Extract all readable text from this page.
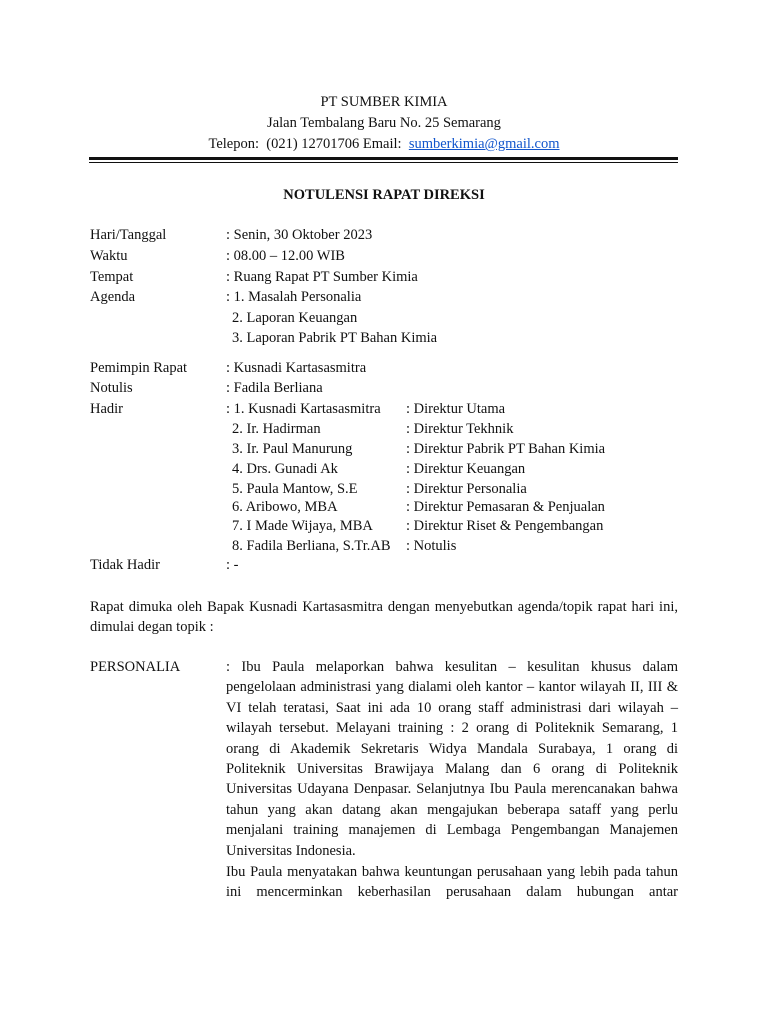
PT SUMBER KIMIA
Jalan Tembalang Baru No. 25 Semarang
Telepon:  (021) 12701706 Email:  sumberkimia@gmail.com
NOTULENSI RAPAT DIREKSI
Hari/Tanggal	: Senin, 30 Oktober 2023
Waktu	: 08.00 – 12.00 WIB
Tempat	: Ruang Rapat PT Sumber Kimia
Agenda	: 1. Masalah Personalia
2. Laporan Keuangan
3. Laporan Pabrik PT Bahan Kimia
Pemimpin Rapat	: Kusnadi Kartasasmitra
Notulis	: Fadila Berliana
Hadir	: 1. Kusnadi Kartasasmitra : Direktur Utama
2. Ir. Hadirman	: Direktur Tekhnik
3. Ir. Paul Manurung	: Direktur Pabrik PT Bahan Kimia
4. Drs. Gunadi Ak	: Direktur Keuangan
5. Paula Mantow, S.E	: Direktur Personalia
6. Aribowo, MBA	: Direktur Pemasaran & Penjualan
7. I Made Wijaya, MBA : Direktur Riset & Pengembangan
8. Fadila Berliana, S.Tr.AB : Notulis
Tidak Hadir	: -
Rapat dimuka oleh Bapak Kusnadi Kartasasmitra dengan menyebutkan agenda/topik rapat hari ini, dimulai degan topik :
PERSONALIA	: Ibu Paula melaporkan bahwa kesulitan – kesulitan khusus dalam pengelolaan administrasi yang dialami oleh kantor – kantor wilayah II, III & VI telah teratasi, Saat ini ada 10 orang staff administrasi dari wilayah – wilayah tersebut. Melayani training : 2 orang di Politeknik Semarang, 1 orang di Akademik Sekretaris Widya Mandala Surabaya, 1 orang di Politeknik Universitas Brawijaya Malang dan 6 orang di Politeknik Universitas Udayana Denpasar. Selanjutnya Ibu Paula merencanakan bahwa tahun yang akan datang akan mengajukan beberapa sataff yang perlu menjalani training manajemen di Lembaga Pengembangan Manajemen Universitas Indonesia.
Ibu Paula menyatakan bahwa keuntungan perusahaan yang lebih pada tahun ini mencerminkan keberhasilan perusahaan dalam hubungan antar
